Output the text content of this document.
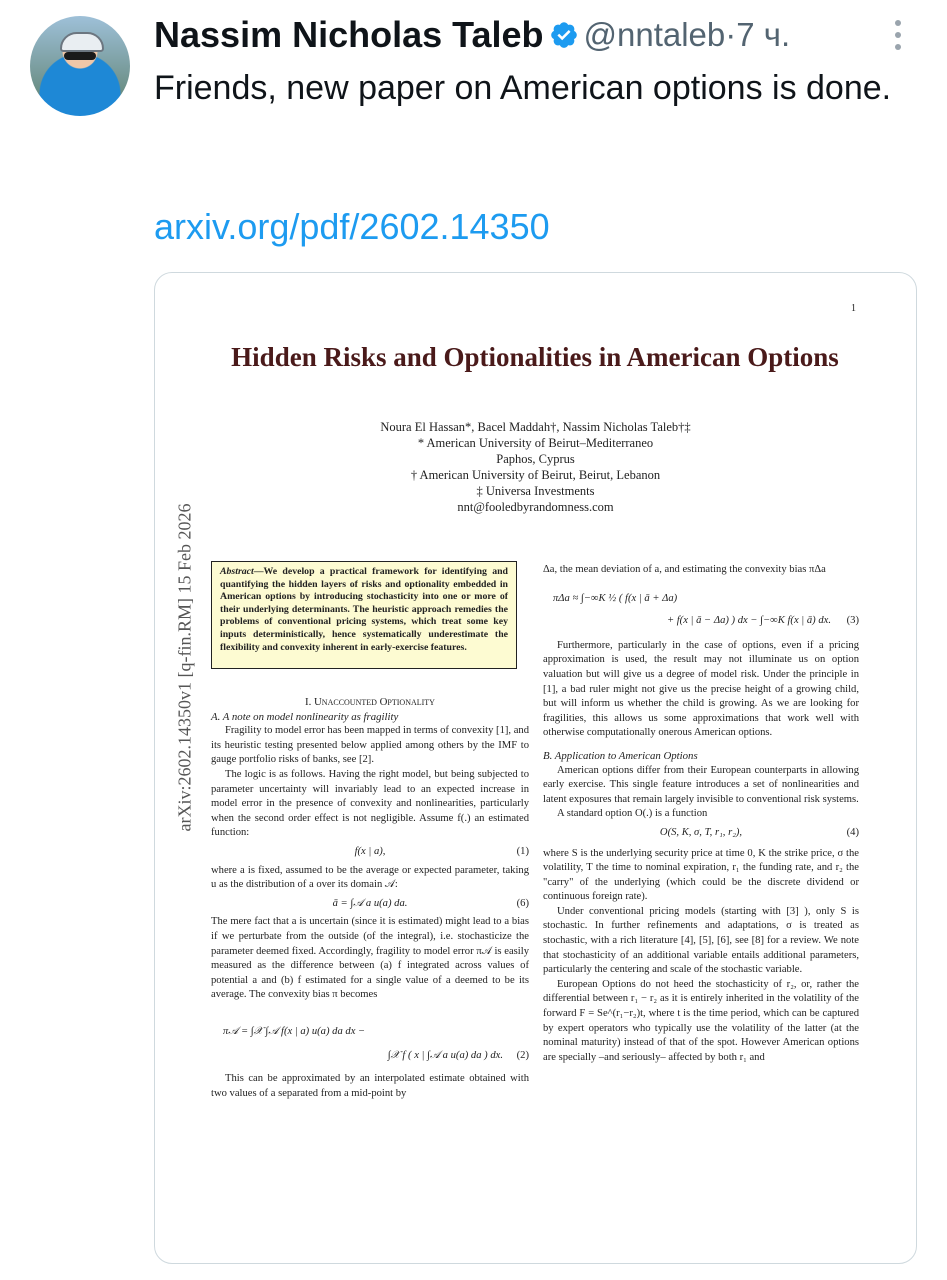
Nassim Nicholas Taleb @nntaleb·7 ч.

Friends, new paper on American options is done.

arxiv.org/pdf/2602.14350
1
Hidden Risks and Optionalities in American Options
Noura El Hassan*, Bacel Maddah†, Nassim Nicholas Taleb†‡
* American University of Beirut–Mediterraneo
Paphos, Cyprus
† American University of Beirut, Beirut, Lebanon
‡ Universa Investments
nnt@fooledbyrandomness.com
arXiv:2602.14350v1 [q-fin.RM] 15 Feb 2026	Abstract—We develop a practical framework for identifying and quantifying the hidden layers of risks and optionality embedded in American options by introducing stochasticity into one or more of their underlying determinants. The heuristic approach remedies the problems of conventional pricing systems, which treat some key inputs deterministically, hence systematically underestimate the flexibility and convexity inherent in early-exercise features.

I. Unaccounted Optionality

A. A note on model nonlinearity as fragility

Fragility to model error has been mapped in terms of convexity [1], and its heuristic testing presented below applied among others by the IMF to gauge portfolio risks of banks, see [2].

The logic is as follows. Having the right model, but being subjected to parameter uncertainty will invariably lead to an expected increase in model error in the presence of convexity and nonlinearities, particularly when the second order effect is not negligible. Assume f(.) an estimated function:

f(x | a),	(1)

where a is fixed, assumed to be the average or expected parameter, taking u as the distribution of a over its domain 𝒜:

ā = ∫𝒜 a u(a) da.	(6)

The mere fact that a is uncertain (since it is estimated) might lead to a bias if we perturbate from the outside (of the integral), i.e. stochasticize the parameter deemed fixed. Accordingly, fragility to model error π𝒜 is easily measured as the difference between (a) f integrated across values of potential a and (b) f estimated for a single value of a deemed to be its average. The convexity bias π becomes

π𝒜 = ∫𝒳 ∫𝒜 f(x | a) u(a) da dx −
∫𝒳 f ( x | ∫𝒜 a u(a) da ) dx. (2)

This can be approximated by an interpolated estimate obtained with two values of a separated from a mid-point by

Δa, the mean deviation of a, and estimating the convexity bias πΔa

πΔa ≈ ∫−∞K ½ ( f(x | ā + Δa)
+ f(x | ā − Δa) ) dx − ∫−∞K f(x | ā) dx. (3)

Furthermore, particularly in the case of options, even if a pricing approximation is used, the result may not illuminate us on option valuation but will give us a degree of model risk. Under the principle in [1], a bad ruler might not give us the precise height of a growing child, but will inform us whether the child is growing. As we are looking for fragilities, this allows us some approximations that work well with otherwise computationally onerous American options.

B. Application to American Options

American options differ from their European counterparts in allowing early exercise. This single feature introduces a set of nonlinearities and latent exposures that remain largely invisible to conventional risk systems.

A standard option O(.) is a function

O(S, K, σ, T, r₁, r₂),	(4)

where S is the underlying security price at time 0, K the strike price, σ the volatility, T the time to nominal expiration, r₁ the funding rate, and r₂ the "carry" of the underlying (which could be the discrete dividend or continuous foreign rate).

Under conventional pricing models (starting with [3] ), only S is stochastic. In further refinements and adaptations, σ is treated as stochastic, with a rich literature [4], [5], [6], see [8] for a review. We note that stochasticity of an additional variable entails additional parameters, particularly the centering and scale of the stochastic variable.

European Options do not heed the stochasticity of r₂, or, rather the differential between r₁ − r₂ as it is entirely inherited in the volatility of the forward F = Se^(r₁−r₂)t, where t is the time period, which can be captured by expert operators who typically use the volatility of the latter (at the nominal maturity) instead of that of the spot. However American options are specially –and seriously– affected by both r₁ and
